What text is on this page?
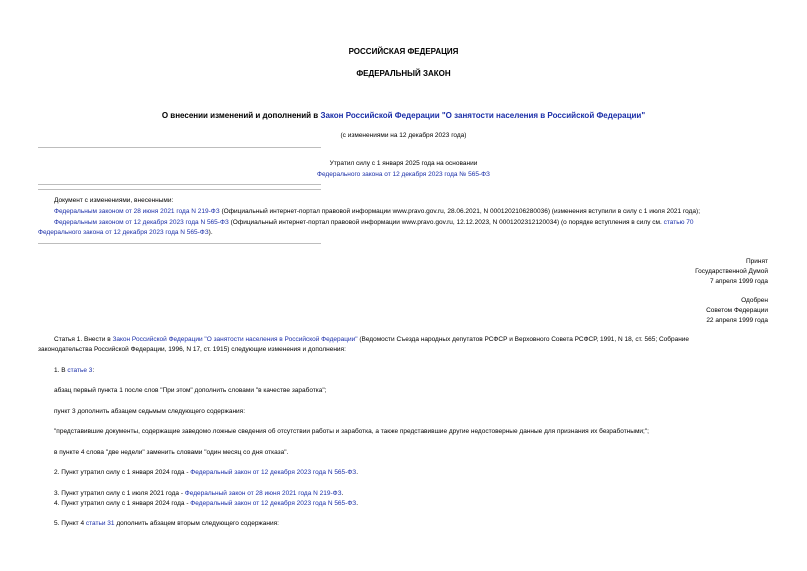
РОССИЙСКАЯ ФЕДЕРАЦИЯ
ФЕДЕРАЛЬНЫЙ ЗАКОН
О внесении изменений и дополнений в Закон Российской Федерации "О занятости населения в Российской Федерации"
(с изменениями на 12 декабря 2023 года)
Утратил силу с 1 января 2025 года на основании
Федерального закона от 12 декабря 2023 года № 565-ФЗ
Документ с изменениями, внесенными:
Федеральным законом от 28 июня 2021 года N 219-ФЗ (Официальный интернет-портал правовой информации www.pravo.gov.ru, 28.06.2021, N 0001202106280036) (изменения вступили в силу с 1 июля 2021 года);
Федеральным законом от 12 декабря 2023 года N 565-ФЗ (Официальный интернет-портал правовой информации www.pravo.gov.ru, 12.12.2023, N 0001202312120034) (о порядке вступления в силу см. статью 70
Федерального закона от 12 декабря 2023 года N 565-ФЗ).
Принят
Государственной Думой
7 апреля 1999 года
Одобрен
Советом Федерации
22 апреля 1999 года
Статья 1. Внести в Закон Российской Федерации "О занятости населения в Российской Федерации" (Ведомости Съезда народных депутатов РСФСР и Верховного Совета РСФСР, 1991, N 18, ст. 565; Собрание
законодательства Российской Федерации, 1996, N 17, ст. 1915) следующие изменения и дополнения:
1. В статье 3:
абзац первый пункта 1 после слов "При этом" дополнить словами "в качестве заработка";
пункт 3 дополнить абзацем седьмым следующего содержания:
"представившие документы, содержащие заведомо ложные сведения об отсутствии работы и заработка, а также представившие другие недостоверные данные для признания их безработными;";
в пункте 4 слова "две недели" заменить словами "один месяц со дня отказа".
2. Пункт утратил силу с 1 января 2024 года - Федеральный закон от 12 декабря 2023 года N 565-ФЗ.
3. Пункт утратил силу с 1 июля 2021 года - Федеральный закон от 28 июня 2021 года N 219-ФЗ.
4. Пункт утратил силу с 1 января 2024 года - Федеральный закон от 12 декабря 2023 года N 565-ФЗ.
5. Пункт 4 статьи 31 дополнить абзацем вторым следующего содержания:
